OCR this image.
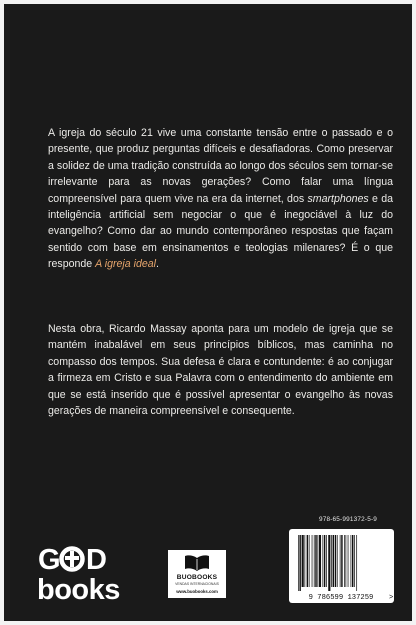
A igreja do século 21 vive uma constante tensão entre o passado e o presente, que produz perguntas difíceis e desafiadoras. Como preservar a solidez de uma tradição construída ao longo dos séculos sem tornar-se irrelevante para as novas gerações? Como falar uma língua compreensível para quem vive na era da internet, dos smartphones e da inteligência artificial sem negociar o que é inegociável à luz do evangelho? Como dar ao mundo contemporâneo respostas que façam sentido com base em ensinamentos e teologias milenares? É o que responde A igreja ideal.

Nesta obra, Ricardo Massay aponta para um modelo de igreja que se mantém inabalável em seus princípios bíblicos, mas caminha no compasso dos tempos. Sua defesa é clara e contundente: é ao conjugar a firmeza em Cristo e sua Palavra com o entendimento do ambiente em que se está inserido que é possível apresentar o evangelho às novas gerações de maneira compreensível e consequente.

G D
books	BUOBOOKS
VENDAS INTERNACIONAIS
www.buobooks.com
978-65-991372-5-9
9 786599 137259 >
